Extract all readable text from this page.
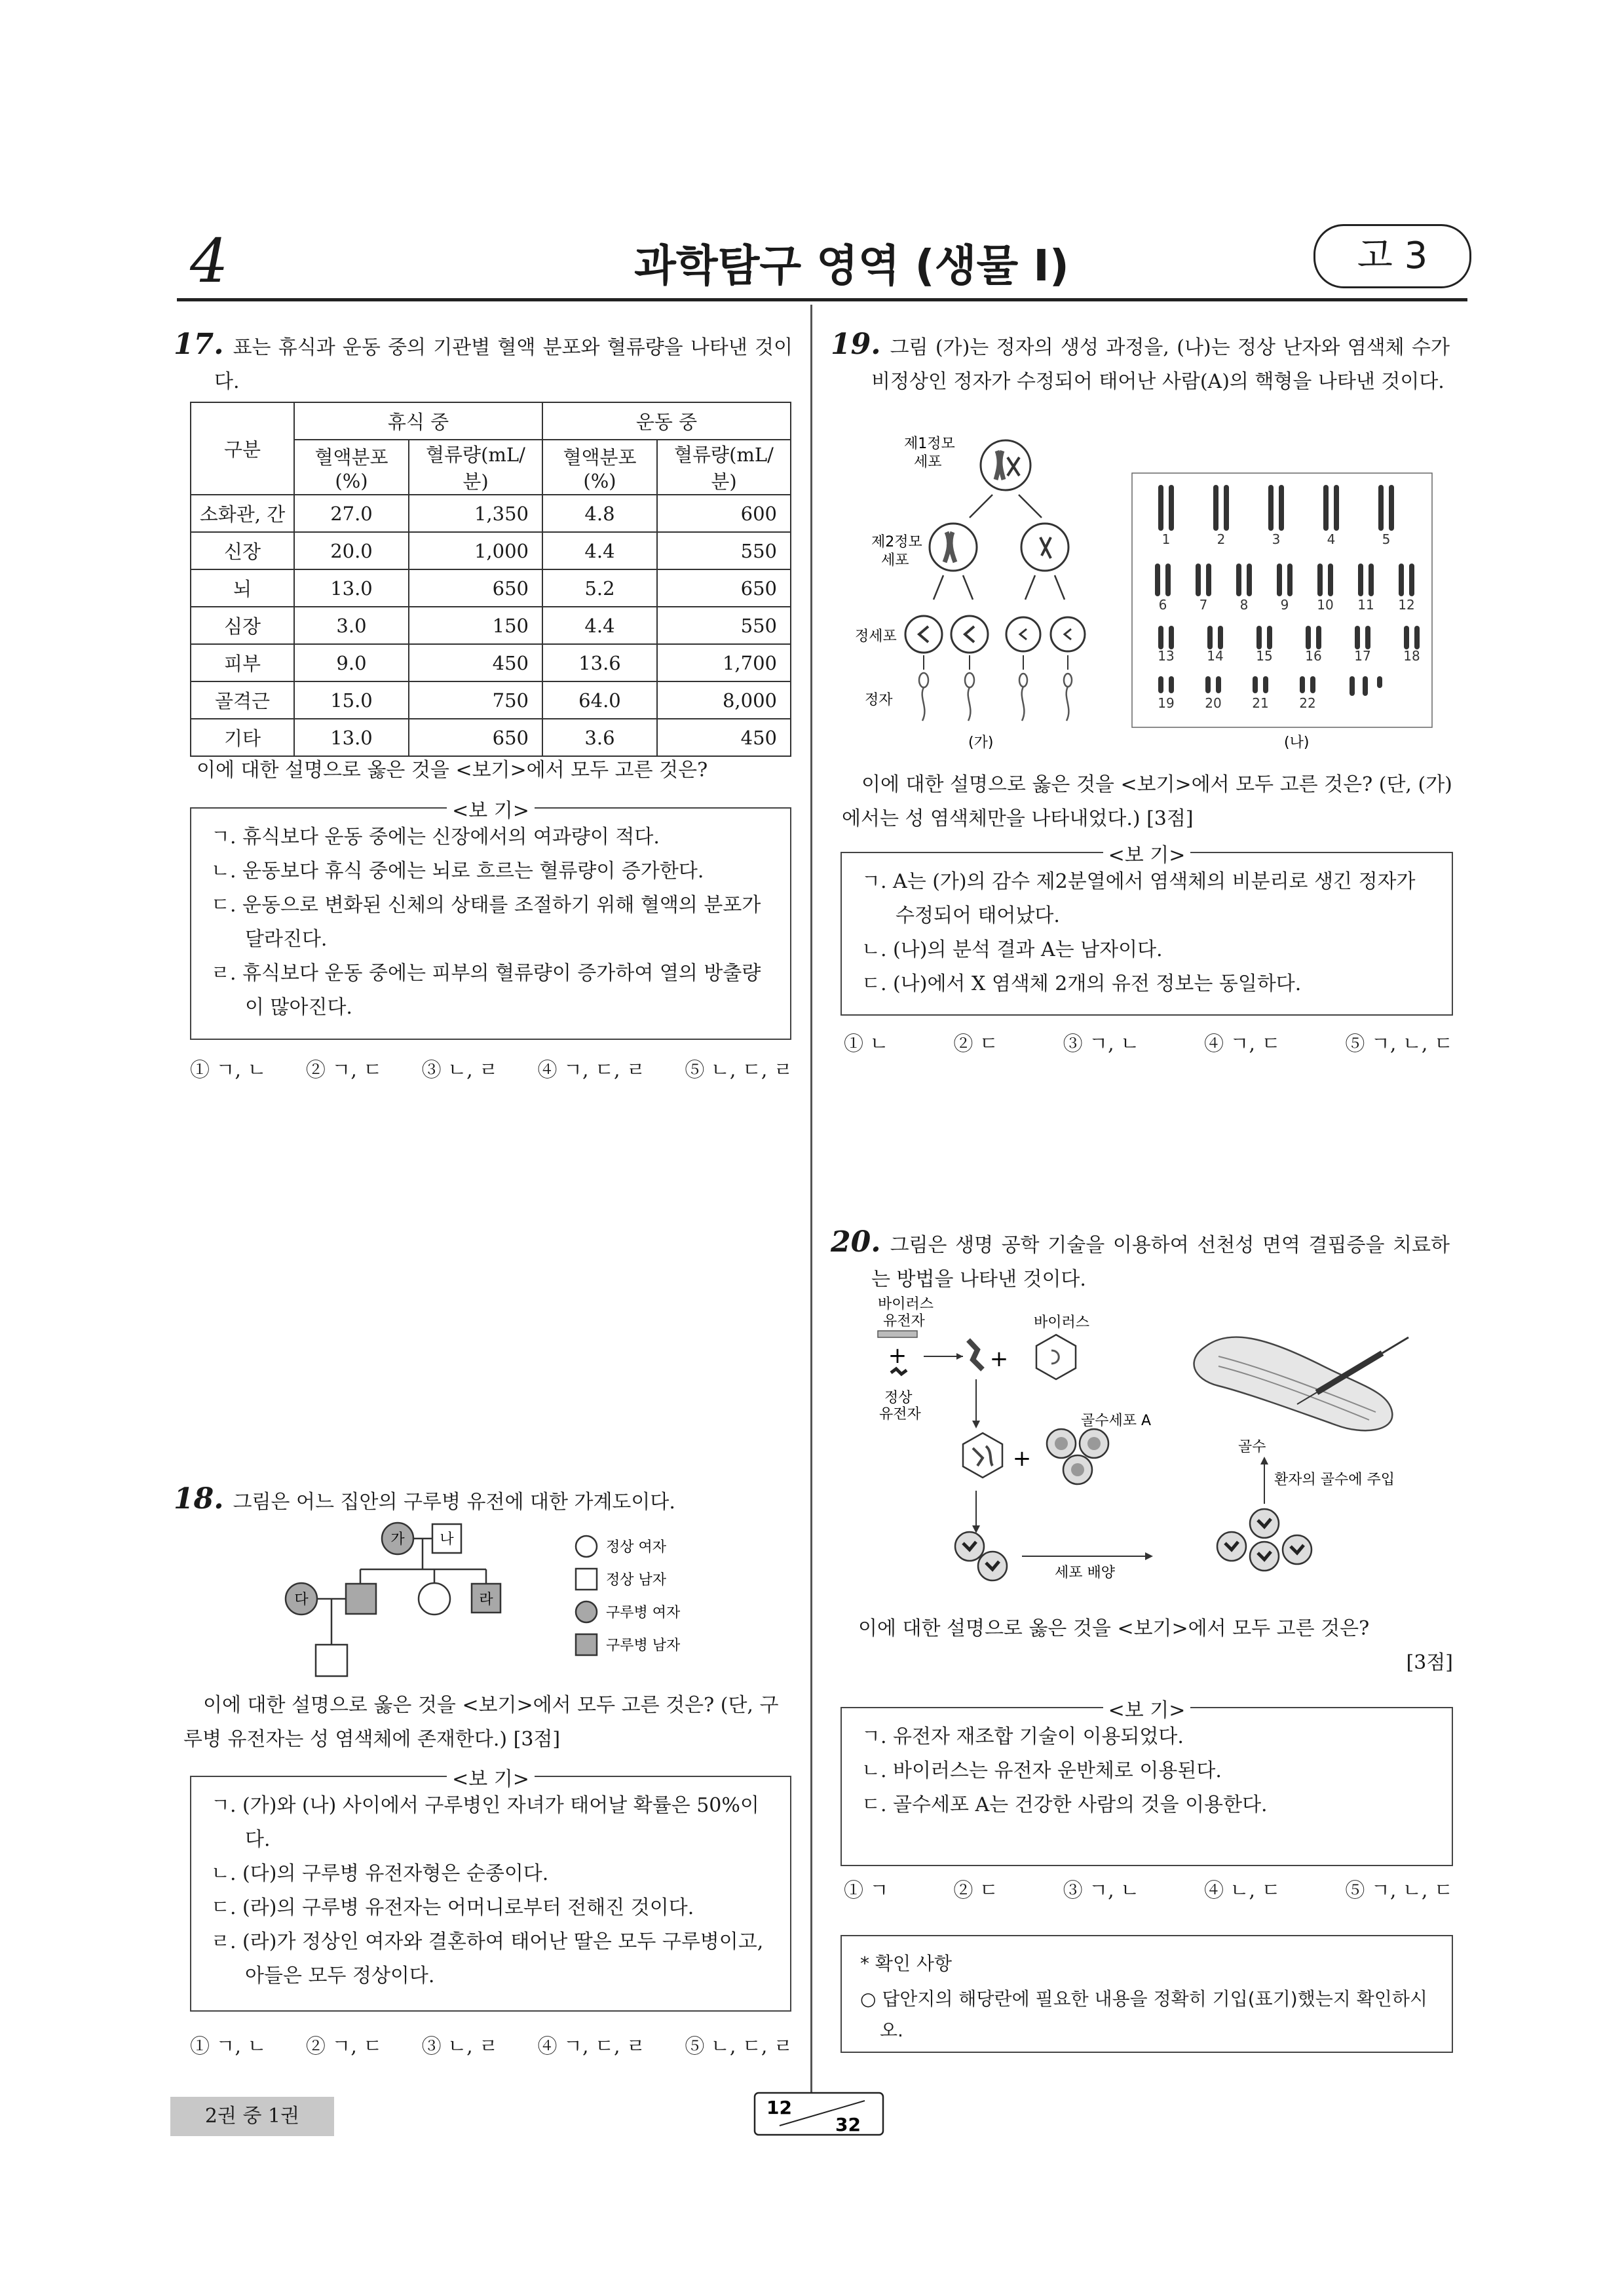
4	과학탐구 영역 (생물 Ⅰ)	고 3
17. 표는 휴식과 운동 중의 기관별 혈액 분포와 혈류량을 나타낸 것이다.
구분	휴식 중		운동 중	
	혈액분포(%)	혈류량(mL/분)	혈액분포(%)	혈류량(mL/분)
소화관, 간	27.0	1,350	4.8	600
신장	20.0	1,000	4.4	550
뇌	13.0	650	5.2	650
심장	3.0	150	4.4	550
피부	9.0	450	13.6	1,700
골격근	15.0	750	64.0	8,000
기타	13.0	650	3.6	450
이에 대한 설명으로 옳은 것을 <보기>에서 모두 고른 것은?
<보 기>
ㄱ. 휴식보다 운동 중에는 신장에서의 여과량이 적다.
ㄴ. 운동보다 휴식 중에는 뇌로 흐르는 혈류량이 증가한다.
ㄷ. 운동으로 변화된 신체의 상태를 조절하기 위해 혈액의 분포가 달라진다.
ㄹ. 휴식보다 운동 중에는 피부의 혈류량이 증가하여 열의 방출량이 많아진다.
① ㄱ, ㄴ ② ㄱ, ㄷ ③ ㄴ, ㄹ ④ ㄱ, ㄷ, ㄹ ⑤ ㄴ, ㄷ, ㄹ
18. 그림은 어느 집안의 구루병 유전에 대한 가계도이다.
가 나
다	라
정상 여자
정상 남자
구루병 여자
구루병 남자
이에 대한 설명으로 옳은 것을 <보기>에서 모두 고른 것은? (단, 구루병 유전자는 성 염색체에 존재한다.) [3점]
<보 기>
ㄱ. (가)와 (나) 사이에서 구루병인 자녀가 태어날 확률은 50%이다.
ㄴ. (다)의 구루병 유전자형은 순종이다.
ㄷ. (라)의 구루병 유전자는 어머니로부터 전해진 것이다.
ㄹ. (라)가 정상인 여자와 결혼하여 태어난 딸은 모두 구루병이고, 아들은 모두 정상이다.
① ㄱ, ㄴ ② ㄱ, ㄷ ③ ㄴ, ㄹ ④ ㄱ, ㄷ, ㄹ ⑤ ㄴ, ㄷ, ㄹ
19. 그림 (가)는 정자의 생성 과정을, (나)는 정상 난자와 염색체 수가 비정상인 정자가 수정되어 태어난 사람(A)의 핵형을 나타낸 것이다.
제1정모
세포
제2정모
세포
정세포
정자
(가)
1	2	3	4	5
6 7 8 9 10 11 12
13 14 15 16 17 18
19 20 21 22
(나)
이에 대한 설명으로 옳은 것을 <보기>에서 모두 고른 것은? (단, (가)에서는 성 염색체만을 나타내었다.) [3점]
<보 기>
ㄱ. A는 (가)의 감수 제2분열에서 염색체의 비분리로 생긴 정자가 수정되어 태어났다.
ㄴ. (나)의 분석 결과 A는 남자이다.
ㄷ. (나)에서 X 염색체 2개의 유전 정보는 동일하다.
① ㄴ	② ㄷ	③ ㄱ, ㄴ	④ ㄱ, ㄷ	⑤ ㄱ, ㄴ, ㄷ
20. 그림은 생명 공학 기술을 이용하여 선천성 면역 결핍증을 치료하는 방법을 나타낸 것이다.
바이러스
유전자
+
정상
유전자
+
바이러스
+
골수세포 A
세포 배양
환자의 골수에 주입
골수
이에 대한 설명으로 옳은 것을 <보기>에서 모두 고른 것은?
[3점]
<보 기>
ㄱ. 유전자 재조합 기술이 이용되었다.
ㄴ. 바이러스는 유전자 운반체로 이용된다.
ㄷ. 골수세포 A는 건강한 사람의 것을 이용한다.
① ㄱ	② ㄷ	③ ㄱ, ㄴ	④ ㄴ, ㄷ	⑤ ㄱ, ㄴ, ㄷ
* 확인 사항
○ 답안지의 해당란에 필요한 내용을 정확히 기입(표기)했는지 확인하시오.
2권 중 1권	12
32
